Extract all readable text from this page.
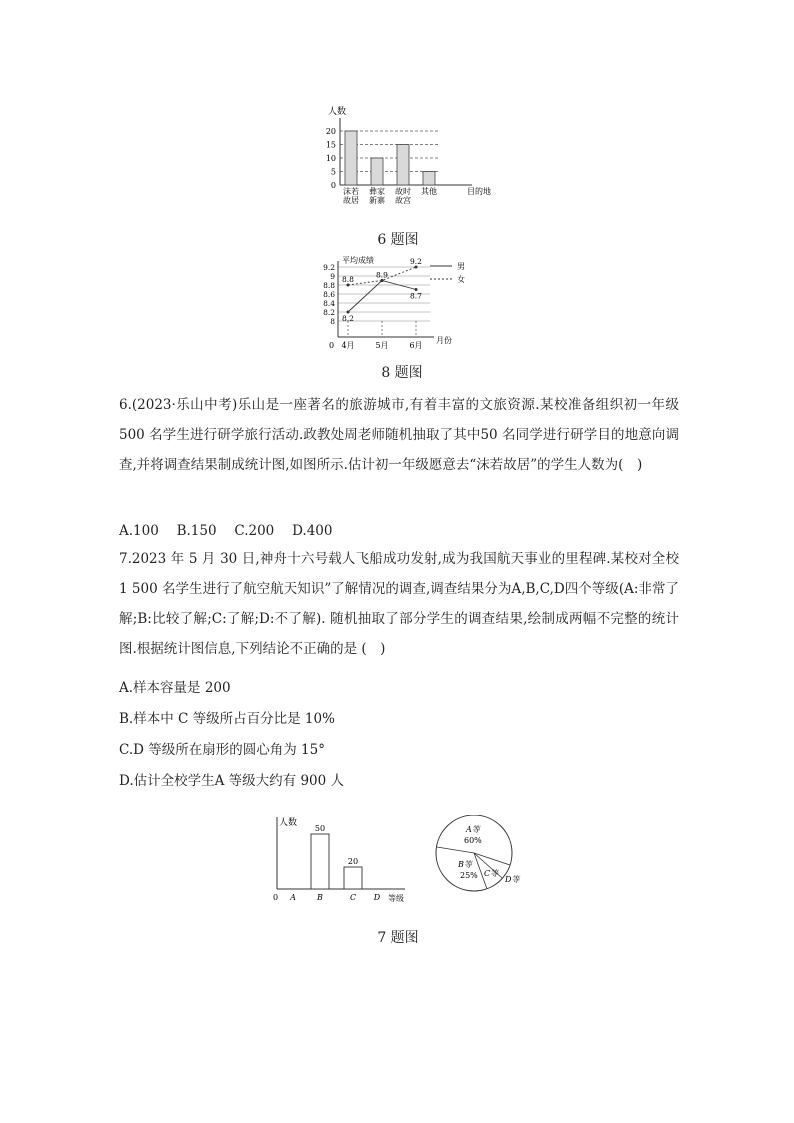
人数
0
5
10
15
20
沫若
故居
彝家
新寨
故时
故宫
其他	目的地
6 题图
平均成绩
0
8
8.2
8.4
8.6
8.8
9
9.2
4月	5月	6月
8.8	8.9
9.2
8.2
8.7
月份
男
女
8 题图
6.(2023·乐山中考)乐山是一座著名的旅游城市,有着丰富的文旅资源.某校准备组织初一年级 500 名学生进行研学旅行活动.政教处周老师随机抽取了其中50 名同学进行研学目的地意向调查,并将调查结果制成统计图,如图所示.估计初一年级愿意去“沫若故居”的学生人数为(　)
A.100　 B.150　 C.200　 D.400
7.2023 年 5 月 30 日,神舟十六号载人飞船成功发射,成为我国航天事业的里程碑.某校对全校 1 500 名学生进行了航空航天知识”了解情况的调查,调查结果分为A,B,C,D四个等级(A:非常了解;B:比较了解;C:了解;D:不了解). 随机抽取了部分学生的调查结果,绘制成两幅不完整的统计图.根据统计图信息,下列结论不正确的是 (　)
A.样本容量是 200
B.样本中 C 等级所占百分比是 10%
C.D 等级所在扇形的圆心角为 15°
D.估计全校学生A 等级大约有 900 人
人数
0
50
20
A	B	C D 等级
A等
60%
B等
25% C等
D等
7 题图
